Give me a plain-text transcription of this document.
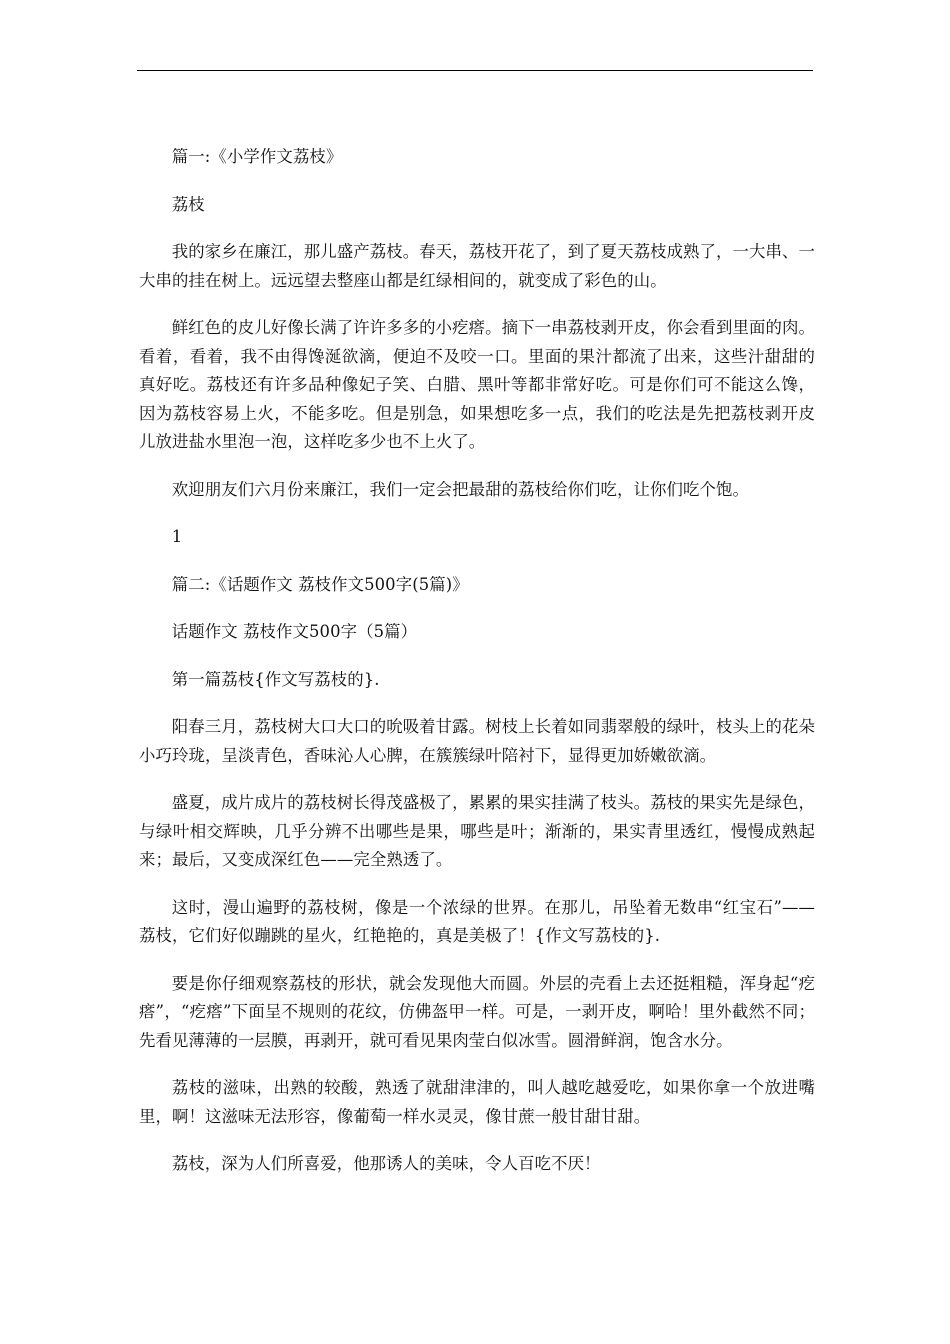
篇一:《小学作文荔枝》

荔枝

我的家乡在廉江，那儿盛产荔枝。春天，荔枝开花了，到了夏天荔枝成熟了，一大串、一大串的挂在树上。远远望去整座山都是红绿相间的，就变成了彩色的山。

鲜红色的皮儿好像长满了许许多多的小疙瘩。摘下一串荔枝剥开皮，你会看到里面的肉。看着，看着，我不由得馋涎欲滴，便迫不及咬一口。里面的果汁都流了出来，这些汁甜甜的真好吃。荔枝还有许多品种像妃子笑、白腊、黑叶等都非常好吃。可是你们可不能这么馋，因为荔枝容易上火，不能多吃。但是别急，如果想吃多一点，我们的吃法是先把荔枝剥开皮儿放进盐水里泡一泡，这样吃多少也不上火了。

欢迎朋友们六月份来廉江，我们一定会把最甜的荔枝给你们吃，让你们吃个饱。

1

篇二:《话题作文 荔枝作文500字(5篇)》

话题作文 荔枝作文500字（5篇）

第一篇荔枝{作文写荔枝的}.

阳春三月，荔枝树大口大口的吮吸着甘露。树枝上长着如同翡翠般的绿叶，枝头上的花朵小巧玲珑，呈淡青色，香味沁人心脾，在簇簇绿叶陪衬下，显得更加娇嫩欲滴。

盛夏，成片成片的荔枝树长得茂盛极了，累累的果实挂满了枝头。荔枝的果实先是绿色，与绿叶相交辉映，几乎分辨不出哪些是果，哪些是叶；渐渐的，果实青里透红，慢慢成熟起来；最后，又变成深红色——完全熟透了。

这时，漫山遍野的荔枝树，像是一个浓绿的世界。在那儿，吊坠着无数串“红宝石”——荔枝，它们好似蹦跳的星火，红艳艳的，真是美极了！{作文写荔枝的}.

要是你仔细观察荔枝的形状，就会发现他大而圆。外层的壳看上去还挺粗糙，浑身起“疙瘩”，“疙瘩”下面呈不规则的花纹，仿佛盔甲一样。可是，一剥开皮，啊哈！里外截然不同；先看见薄薄的一层膜，再剥开，就可看见果肉莹白似冰雪。圆滑鲜润，饱含水分。

荔枝的滋味，出熟的较酸，熟透了就甜津津的，叫人越吃越爱吃，如果你拿一个放进嘴里，啊！这滋味无法形容，像葡萄一样水灵灵，像甘蔗一般甘甜甘甜。

荔枝，深为人们所喜爱，他那诱人的美味，令人百吃不厌！
